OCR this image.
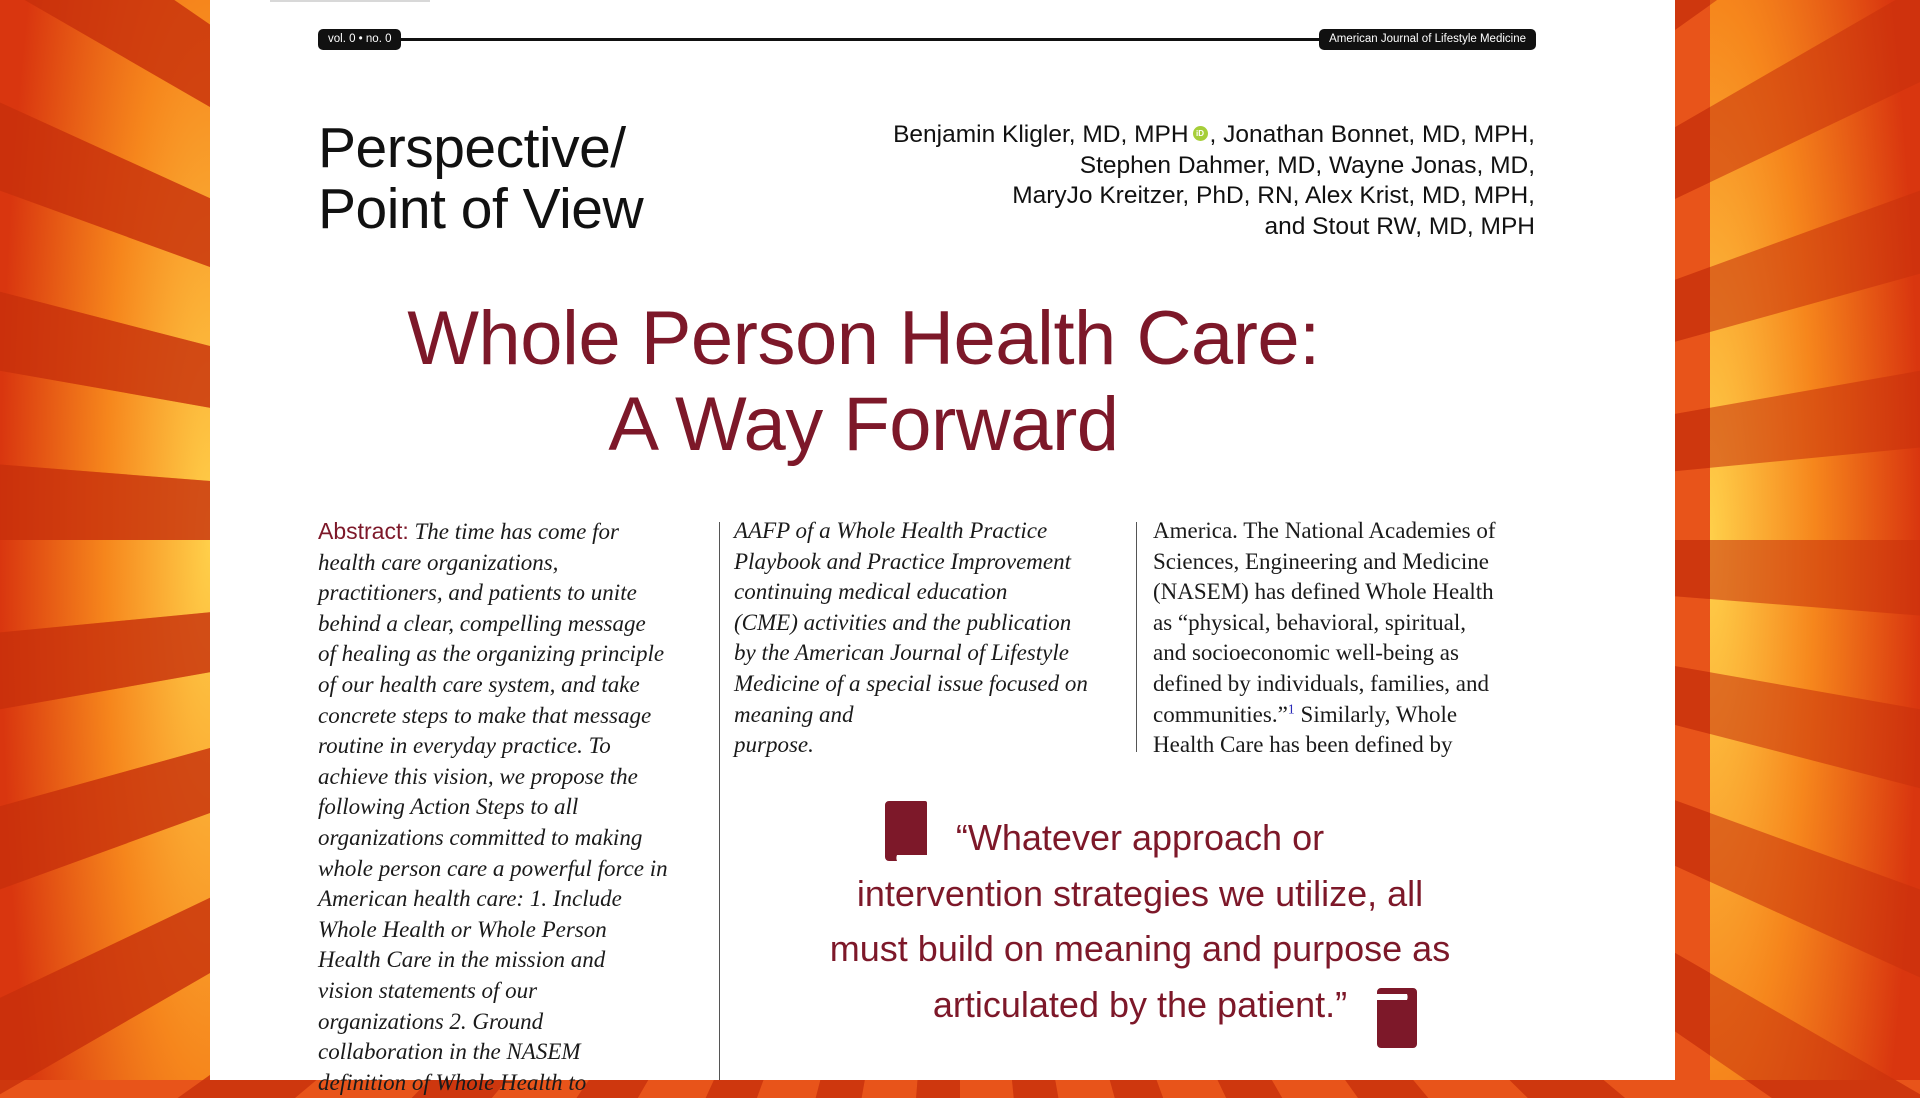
vol. 0 • no. 0	American Journal of Lifestyle Medicine
Perspective/
Point of View
Benjamin Kligler, MD, MPH iD , Jonathan Bonnet, MD, MPH,
Stephen Dahmer, MD, Wayne Jonas, MD,
MaryJo Kreitzer, PhD, RN, Alex Krist, MD, MPH,
and Stout RW, MD, MPH
Whole Person Health Care:
A Way Forward
Abstract: The time has come for
health care organizations,
practitioners, and patients to unite
behind a clear, compelling message
of healing as the organizing principle
of our health care system, and take
concrete steps to make that message
routine in everyday practice. To
achieve this vision, we propose the
following Action Steps to all
organizations committed to making
whole person care a powerful force in
American health care: 1. Include
Whole Health or Whole Person
Health Care in the mission and
vision statements of our
organizations 2. Ground
collaboration in the NASEM
definition of Whole Health to
AAFP of a Whole Health Practice
Playbook and Practice Improvement
continuing medical education
(CME) activities and the publication
by the American Journal of Lifestyle
Medicine of a special issue focused on
meaning and
purpose.
America. The National Academies of
Sciences, Engineering and Medicine
(NASEM) has defined Whole Health
as “physical, behavioral, spiritual,
and socioeconomic well-being as
defined by individuals, families, and
communities.”$^1$ Similarly, Whole
Health Care has been defined by
“Whatever approach or
intervention strategies we utilize, all
must build on meaning and purpose as
articulated by the patient.”
